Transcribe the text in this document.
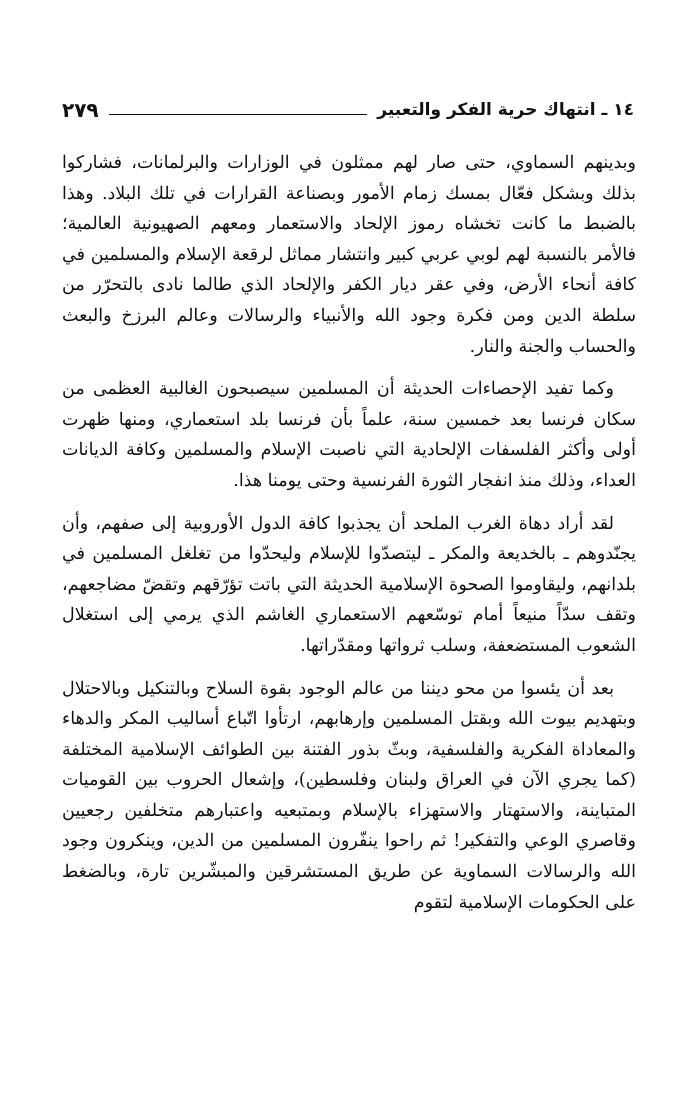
١٤ ـ انتهاك حرية الفكر والتعبير
٢٧٩

وبدينهم السماوي، حتى صار لهم ممثلون في الوزارات والبرلمانات، فشاركوا بذلك وبشكل فعّال بمسك زمام الأمور وبصناعة القرارات في تلك البلاد. وهذا بالضبط ما كانت تخشاه رموز الإلحاد والاستعمار ومعهم الصهيونية العالمية؛ فالأمر بالنسبة لهم لوبي عربي كبير وانتشار مماثل لرقعة الإسلام والمسلمين في كافة أنحاء الأرض، وفي عقر ديار الكفر والإلحاد الذي طالما نادى بالتحرّر من سلطة الدين ومن فكرة وجود الله والأنبياء والرسالات وعالم البرزخ والبعث والحساب والجنة والنار.

وكما تفيد الإحصاءات الحديثة أن المسلمين سيصبحون الغالبية العظمى من سكان فرنسا بعد خمسين سنة، علماً بأن فرنسا بلد استعماري، ومنها ظهرت أولى وأكثر الفلسفات الإلحادية التي ناصبت الإسلام والمسلمين وكافة الديانات العداء، وذلك منذ انفجار الثورة الفرنسية وحتى يومنا هذا.

لقد أراد دهاة الغرب الملحد أن يجذبوا كافة الدول الأوروبية إلى صفهم، وأن يجنّدوهم ـ بالخديعة والمكر ـ ليتصدّوا للإسلام وليحدّوا من تغلغل المسلمين في بلدانهم، وليقاوموا الصحوة الإسلامية الحديثة التي باتت تؤرّقهم وتقضّ مضاجعهم، وتقف سدّاً منيعاً أمام توسّعهم الاستعماري الغاشم الذي يرمي إلى استغلال الشعوب المستضعفة، وسلب ثرواتها ومقدّراتها.

بعد أن يئسوا من محو ديننا من عالم الوجود بقوة السلاح وبالتنكيل وبالاحتلال وبتهديم بيوت الله وبقتل المسلمين وإرهابهم، ارتأوا اتّباع أساليب المكر والدهاء والمعاداة الفكرية والفلسفية، وبثّ بذور الفتنة بين الطوائف الإسلامية المختلفة (كما يجري الآن في العراق ولبنان وفلسطين)، وإشعال الحروب بين القوميات المتباينة، والاستهتار والاستهزاء بالإسلام وبمتبعيه واعتبارهم متخلفين رجعيين وقاصري الوعي والتفكير! ثم راحوا ينفّرون المسلمين من الدين، وينكرون وجود الله والرسالات السماوية عن طريق المستشرقين والمبشّرين تارة، وبالضغط على الحكومات الإسلامية لتقوم
